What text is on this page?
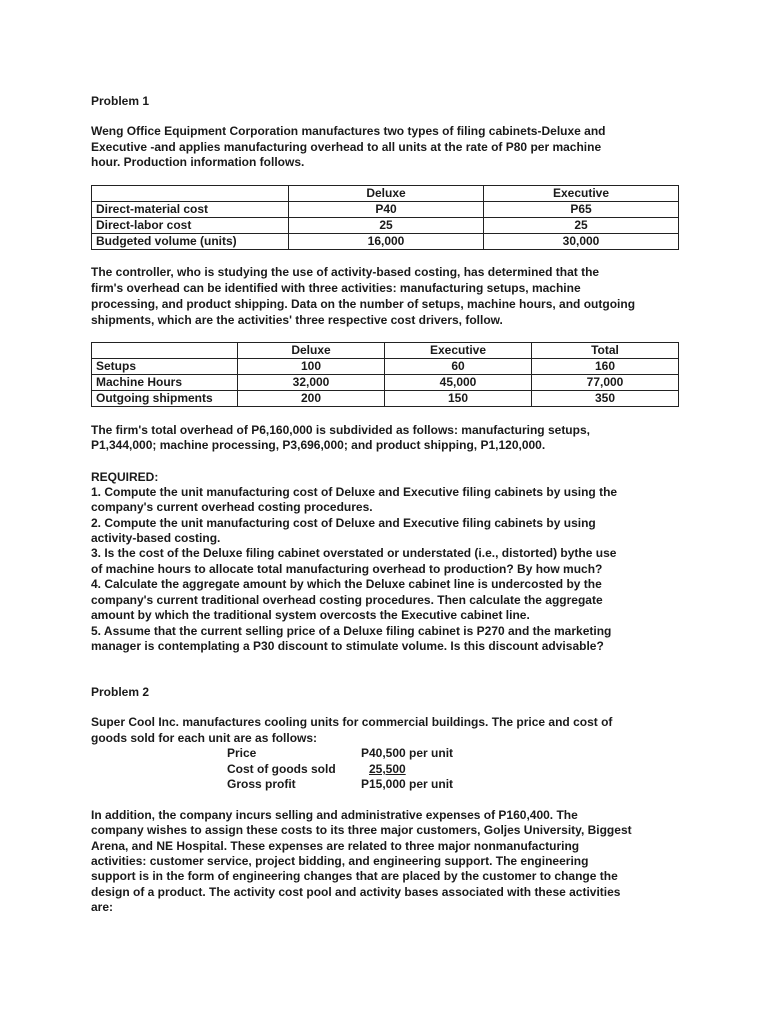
Problem 1
Weng Office Equipment Corporation manufactures two types of filing cabinets-Deluxe and
Executive -and applies manufacturing overhead to all units at the rate of P80 per machine
hour. Production information follows.
	Deluxe	Executive
Direct-material cost	P40	P65
Direct-labor cost	25	25
Budgeted volume (units)	16,000	30,000
The controller, who is studying the use of activity-based costing, has determined that the
firm's overhead can be identified with three activities: manufacturing setups, machine
processing, and product shipping. Data on the number of setups, machine hours, and outgoing
shipments, which are the activities' three respective cost drivers, follow.
	Deluxe	Executive	Total
Setups	100	60	160
Machine Hours	32,000	45,000	77,000
Outgoing shipments	200	150	350
The firm's total overhead of P6,160,000 is subdivided as follows: manufacturing setups,
P1,344,000; machine processing, P3,696,000; and product shipping, P1,120,000.
REQUIRED:
1. Compute the unit manufacturing cost of Deluxe and Executive filing cabinets by using the
company's current overhead costing procedures.
2. Compute the unit manufacturing cost of Deluxe and Executive filing cabinets by using
activity-based costing.
3. Is the cost of the Deluxe filing cabinet overstated or understated (i.e., distorted) bythe use
of machine hours to allocate total manufacturing overhead to production? By how much?
4. Calculate the aggregate amount by which the Deluxe cabinet line is undercosted by the
company's current traditional overhead costing procedures. Then calculate the aggregate
amount by which the traditional system overcosts the Executive cabinet line.
5. Assume that the current selling price of a Deluxe filing cabinet is P270 and the marketing
manager is contemplating a P30 discount to stimulate volume. Is this discount advisable?
Problem 2
Super Cool Inc. manufactures cooling units for commercial buildings. The price and cost of
goods sold for each unit are as follows:
Price	P40,500 per unit
Cost of goods sold	25,500
Gross profit	P15,000 per unit
In addition, the company incurs selling and administrative expenses of P160,400. The
company wishes to assign these costs to its three major customers, Goljes University, Biggest
Arena, and NE Hospital. These expenses are related to three major nonmanufacturing
activities: customer service, project bidding, and engineering support. The engineering
support is in the form of engineering changes that are placed by the customer to change the
design of a product. The activity cost pool and activity bases associated with these activities
are:
